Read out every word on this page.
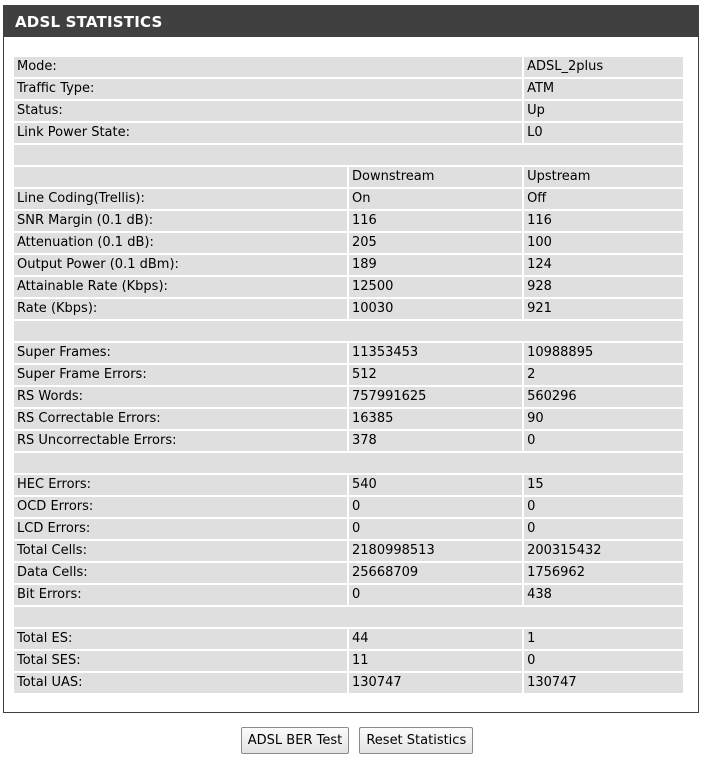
ADSL STATISTICS
Mode:		ADSL_2plus
Traffic Type:		ATM
Status:		Up
Link Power State:		L0

	Downstream	Upstream
Line Coding(Trellis):	On	Off
SNR Margin (0.1 dB):	116	116
Attenuation (0.1 dB):	205	100
Output Power (0.1 dBm):	189	124
Attainable Rate (Kbps):	12500	928
Rate (Kbps):	10030	921

Super Frames:	11353453	10988895
Super Frame Errors:	512	2
RS Words:	757991625	560296
RS Correctable Errors:	16385	90
RS Uncorrectable Errors:	378	0

HEC Errors:	540	15
OCD Errors:	0	0
LCD Errors:	0	0
Total Cells:	2180998513	200315432
Data Cells:	25668709	1756962
Bit Errors:	0	438

Total ES:	44	1
Total SES:	11	0
Total UAS:	130747	130747
ADSL BER Test Reset Statistics
